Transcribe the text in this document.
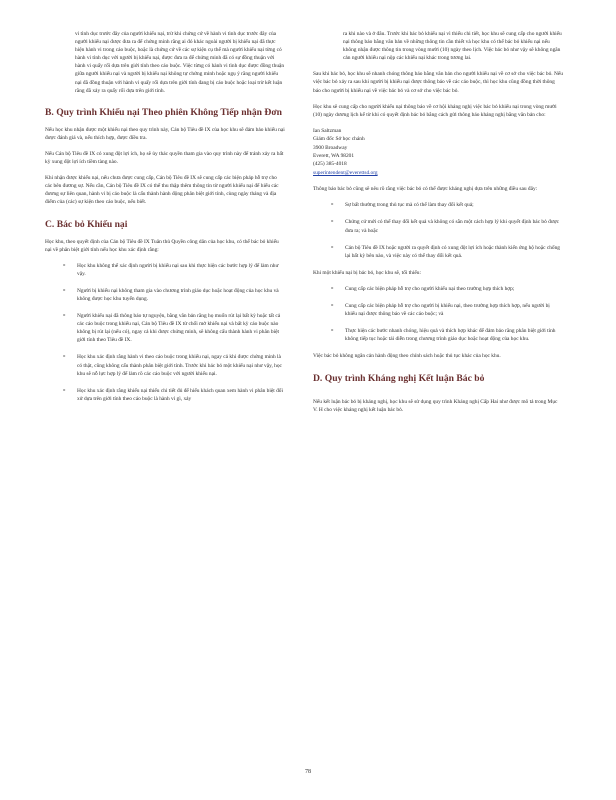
vi tình dục trước đây của người khiếu nại, trừ khi chứng cứ về hành vi tình dục trước đây của người khiếu nại được đưa ra để chứng minh rằng ai đó khác ngoài người bị khiếu nại đã thực hiện hành vi trong cáo buộc, hoặc là chứng cứ về các sự kiện cụ thể mà người khiếu nại từng có hành vi tình dục với người bị khiếu nại, được đưa ra để chứng minh đã có sự đồng thuận với hành vi quấy rối dựa trên giới tính theo cáo buộc. Việc từng có hành vi tình dục được đồng thuận giữa người khiếu nại và người bị khiếu nại không tự chứng minh hoặc ngụ ý rằng người khiếu nại đã đồng thuận với hành vi quấy rối dựa trên giới tính đang bị cáo buộc hoặc loại trừ kết luận rằng đã xảy ra quấy rối dựa trên giới tính.

B. Quy trình Khiếu nại Theo phiên Không Tiếp nhận Đơn

Nếu học khu nhận được một khiếu nại theo quy trình này, Cán bộ Tiêu đề IX của học khu sẽ đảm bảo khiếu nại được đánh giá và, nếu thích hợp, được điều tra.

Nếu Cán bộ Tiêu đề IX có xung đột lợi ích, họ sẽ ủy thác quyền tham gia vào quy trình này để tránh xảy ra bất kỳ xung đột lợi ích tiềm tàng nào.

Khi nhận được khiếu nại, nếu chưa được cung cấp, Cán bộ Tiêu đề IX sẽ cung cấp các biện pháp hỗ trợ cho các bên đương sự. Nếu cần, Cán bộ Tiêu đề IX có thể thu thập thêm thông tin từ người khiếu nại để hiểu các đương sự liên quan, hành vi bị cáo buộc là cấu thành hành động phân biệt giới tính, cùng ngày tháng và địa điểm của (các) sự kiện theo cáo buộc, nếu biết.

C. Bác bỏ Khiếu nại

Học khu, theo quyết định của Cán bộ Tiêu đề IX Tuân thủ Quyền công dân của học khu, có thể bác bỏ khiếu nại về phân biệt giới tính nếu học khu xác định rằng:

» Học khu không thể xác định người bị khiếu nại sau khi thực hiện các bước hợp lý để làm như vậy.
» Người bị khiếu nại không tham gia vào chương trình giáo dục hoặc hoạt động của học khu và không được học khu tuyển dụng.
» Người khiếu nại đã thông báo tự nguyện, bằng văn bản rằng họ muốn rút lại bất kỳ hoặc tất cả các cáo buộc trong khiếu nại, Cán bộ Tiêu đề IX từ chối mở khiếu nại và bất kỳ cáo buộc nào không bị rút lại (nếu có), ngay cả khi được chứng minh, sẽ không cấu thành hành vi phân biệt giới tính theo Tiêu đề IX.
» Học khu xác định rằng hành vi theo cáo buộc trong khiếu nại, ngay cả khi được chứng minh là có thật, cũng không cấu thành phân biệt giới tính. Trước khi bác bỏ một khiếu nại như vậy, học khu sẽ nỗ lực hợp lý để làm rõ các cáo buộc với người khiếu nại.
» Học khu xác định rằng khiếu nại thiếu chi tiết đủ để hiểu khách quan xem hành vi phân biệt đối xử dựa trên giới tính theo cáo buộc là hành vi gì, xảy

ra khi nào và ở đâu. Trước khi bác bỏ khiếu nại vì thiếu chi tiết, học khu sẽ cung cấp cho người khiếu nại thông báo bằng văn bản về những thông tin cần thiết và học khu có thể bác bỏ khiếu nại nếu không nhận được thông tin trong vòng mười (10) ngày theo lịch. Việc bác bỏ như vậy sẽ không ngăn cản người khiếu nại nộp các khiếu nại khác trong tương lai.

Sau khi bác bỏ, học khu sẽ nhanh chóng thông báo bằng văn bản cho người khiếu nại về cơ sở cho việc bác bỏ. Nếu việc bác bỏ xảy ra sau khi người bị khiếu nại được thông báo về các cáo buộc, thì học khu cũng đồng thời thông báo cho người bị khiếu nại về việc bác bỏ và cơ sở cho việc bác bỏ.

Học khu sẽ cung cấp cho người khiếu nại thông báo về cơ hội kháng nghị việc bác bỏ khiếu nại trong vòng mười (10) ngày dương lịch kể từ khi có quyết định bác bỏ bằng cách gửi thông báo kháng nghị bằng văn bản cho:

Ian Saltzman
Giám đốc Sở học chánh
3900 Broadway
Everett, WA 98201
(425) 385-4018
superintendent@everettsd.org

Thông báo bác bỏ cũng sẽ nêu rõ rằng việc bác bỏ có thể được kháng nghị dựa trên những điều sau đây:

» Sự bất thường trong thủ tục mà có thể làm thay đổi kết quả;
» Chứng cứ mới có thể thay đổi kết quả và không có sẵn một cách hợp lý khi quyết định bác bỏ được đưa ra; và hoặc
» Cán bộ Tiêu đề IX hoặc người ra quyết định có xung đột lợi ích hoặc thành kiến ứng hộ hoặc chống lại bất kỳ bên nào, và việc này có thể thay đổi kết quả.

Khi một khiếu nại bị bác bỏ, học khu sẽ, tối thiểu:

» Cung cấp các biện pháp hỗ trợ cho người khiếu nại theo trường hợp thích hợp;
» Cung cấp các biện pháp hỗ trợ cho người bị khiếu nại, theo trường hợp thích hợp, nếu người bị khiếu nại được thông báo về các cáo buộc; và
» Thực hiện các bước nhanh chóng, hiệu quả và thích hợp khác để đảm bảo rằng phân biệt giới tính không tiếp tục hoặc tái diễn trong chương trình giáo dục hoặc hoạt động của học khu.

Việc bác bỏ không ngăn cản hành động theo chính sách hoặc thủ tục khác của học khu.

D. Quy trình Kháng nghị Kết luận Bác bỏ

Nếu kết luận bác bỏ bị kháng nghị, học khu sẽ sử dụng quy trình Kháng nghị Cấp Hai như được mô tả trong Mục V. H cho việc kháng nghị kết luận bác bỏ.

78
